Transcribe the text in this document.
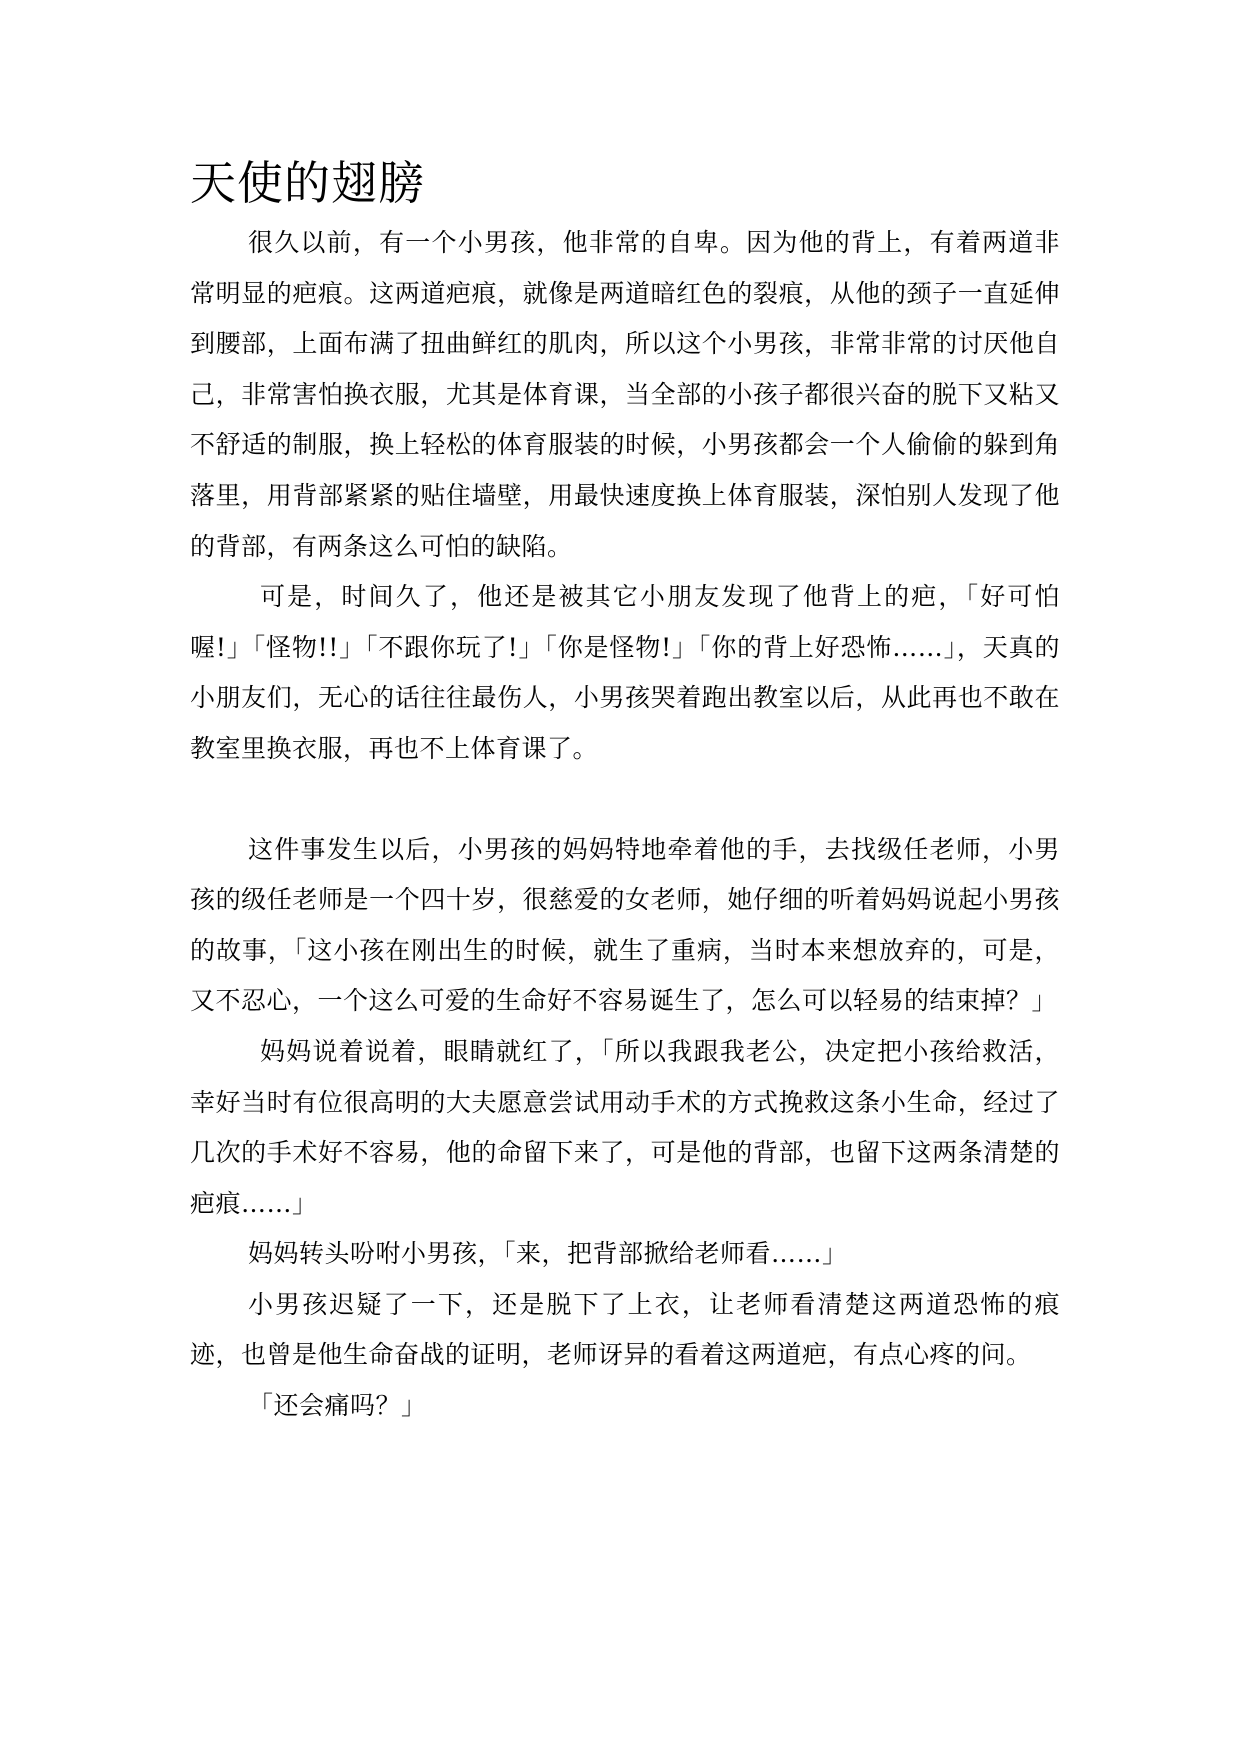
天使的翅膀

很久以前，有一个小男孩，他非常的自卑。因为他的背上，有着两道非常明显的疤痕。这两道疤痕，就像是两道暗红色的裂痕，从他的颈子一直延伸到腰部，上面布满了扭曲鲜红的肌肉，所以这个小男孩，非常非常的讨厌他自己，非常害怕换衣服，尤其是体育课，当全部的小孩子都很兴奋的脱下又粘又不舒适的制服，换上轻松的体育服装的时候，小男孩都会一个人偷偷的躲到角落里，用背部紧紧的贴住墙壁，用最快速度换上体育服装，深怕别人发现了他的背部，有两条这么可怕的缺陷。

可是，时间久了，他还是被其它小朋友发现了他背上的疤，「好可怕喔!」「怪物!!」「不跟你玩了!」「你是怪物!」「你的背上好恐怖……」，天真的小朋友们，无心的话往往最伤人，小男孩哭着跑出教室以后，从此再也不敢在教室里换衣服，再也不上体育课了。

这件事发生以后，小男孩的妈妈特地牵着他的手，去找级任老师，小男孩的级任老师是一个四十岁，很慈爱的女老师，她仔细的听着妈妈说起小男孩的故事，「这小孩在刚出生的时候，就生了重病，当时本来想放弃的，可是，又不忍心，一个这么可爱的生命好不容易诞生了，怎么可以轻易的结束掉？」

妈妈说着说着，眼睛就红了，「所以我跟我老公，决定把小孩给救活，幸好当时有位很高明的大夫愿意尝试用动手术的方式挽救这条小生命，经过了几次的手术好不容易，他的命留下来了，可是他的背部，也留下这两条清楚的疤痕……」

妈妈转头吩咐小男孩，「来，把背部掀给老师看……」

小男孩迟疑了一下，还是脱下了上衣，让老师看清楚这两道恐怖的痕迹，也曾是他生命奋战的证明，老师讶异的看着这两道疤，有点心疼的问。

「还会痛吗？」
